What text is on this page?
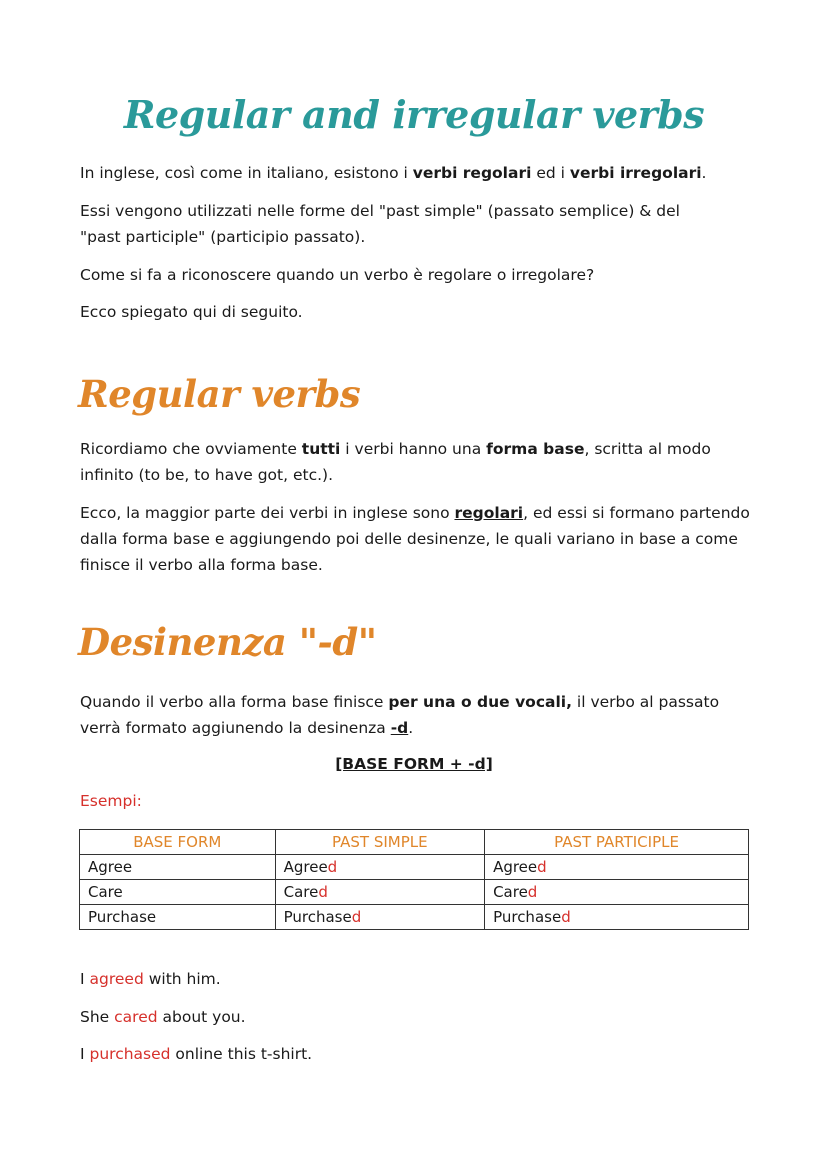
Regular and irregular verbs

In inglese, così come in italiano, esistono i verbi regolari ed i verbi irregolari.

Essi vengono utilizzati nelle forme del "past simple" (passato semplice) & del
"past participle" (participio passato).

Come si fa a riconoscere quando un verbo è regolare o irregolare?

Ecco spiegato qui di seguito.

Regular verbs

Ricordiamo che ovviamente tutti i verbi hanno una forma base, scritta al modo infinito (to be, to have got, etc.).

Ecco, la maggior parte dei verbi in inglese sono regolari, ed essi si formano partendo dalla forma base e aggiungendo poi delle desinenze, le quali variano in base a come finisce il verbo alla forma base.

Desinenza "-d"

Quando il verbo alla forma base finisce per una o due vocali, il verbo al passato verrà formato aggiunendo la desinenza -d.

[BASE FORM + -d]
Esempi:
BASE FORM	PAST SIMPLE	PAST PARTICIPLE
Agree	Agreed	Agreed
Care	Cared	Cared
Purchase	Purchased	Purchased
I agreed with him.
She cared about you.
I purchased online this t-shirt.
